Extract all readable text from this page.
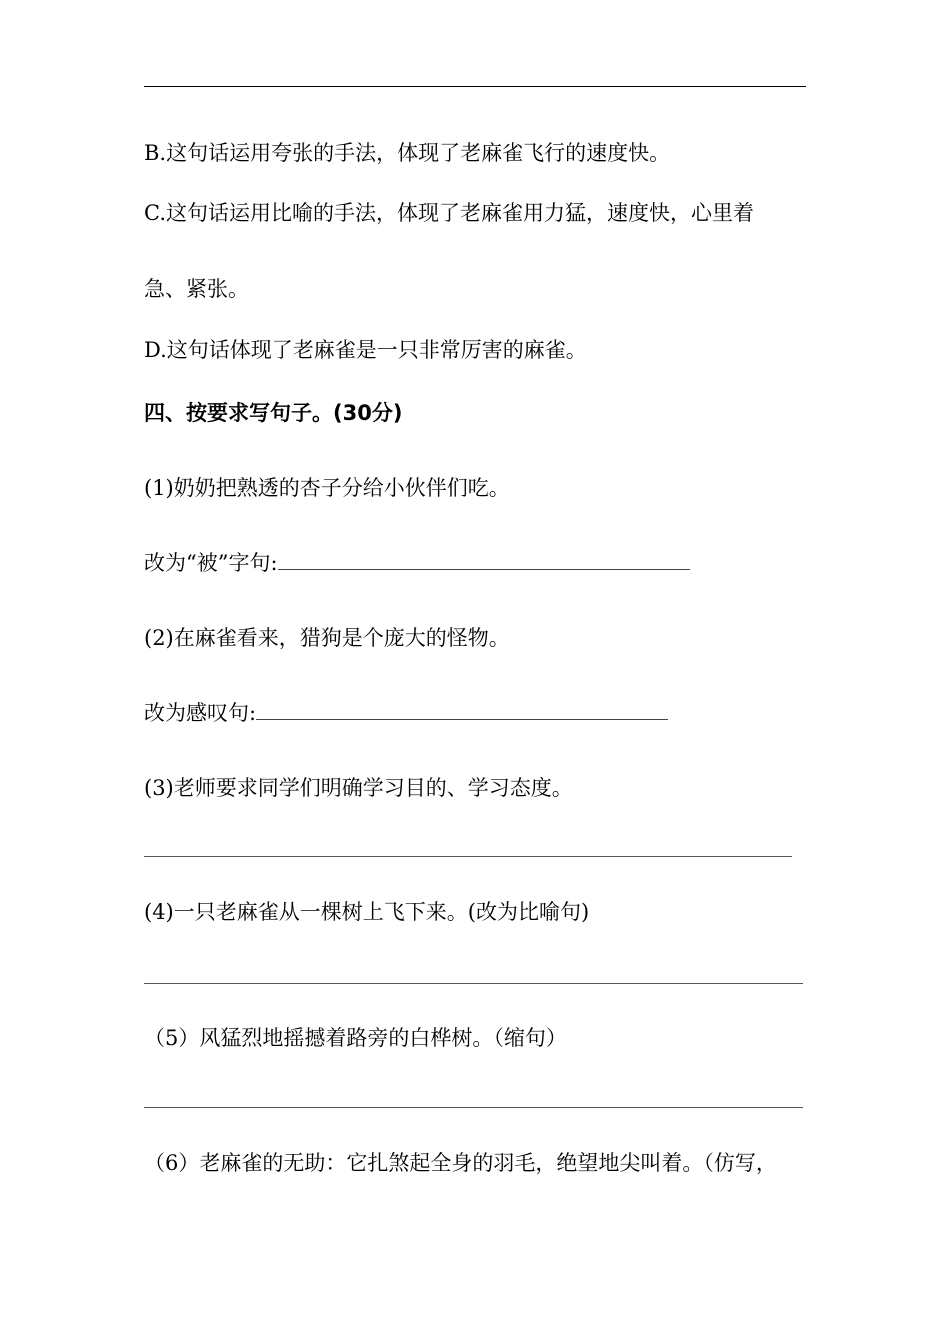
B.这句话运用夸张的手法，体现了老麻雀飞行的速度快。
C.这句话运用比喻的手法，体现了老麻雀用力猛，速度快，心里着
急、紧张。
D.这句话体现了老麻雀是一只非常厉害的麻雀。
四、按要求写句子。(30分)
(1)奶奶把熟透的杏子分给小伙伴们吃。
改为“被”字句:
(2)在麻雀看来，猎狗是个庞大的怪物。
改为感叹句:
(3)老师要求同学们明确学习目的、学习态度。
(4)一只老麻雀从一棵树上飞下来。(改为比喻句)
（5）风猛烈地摇撼着路旁的白桦树。（缩句）
（6）老麻雀的无助：它扎煞起全身的羽毛，绝望地尖叫着。（仿写，
